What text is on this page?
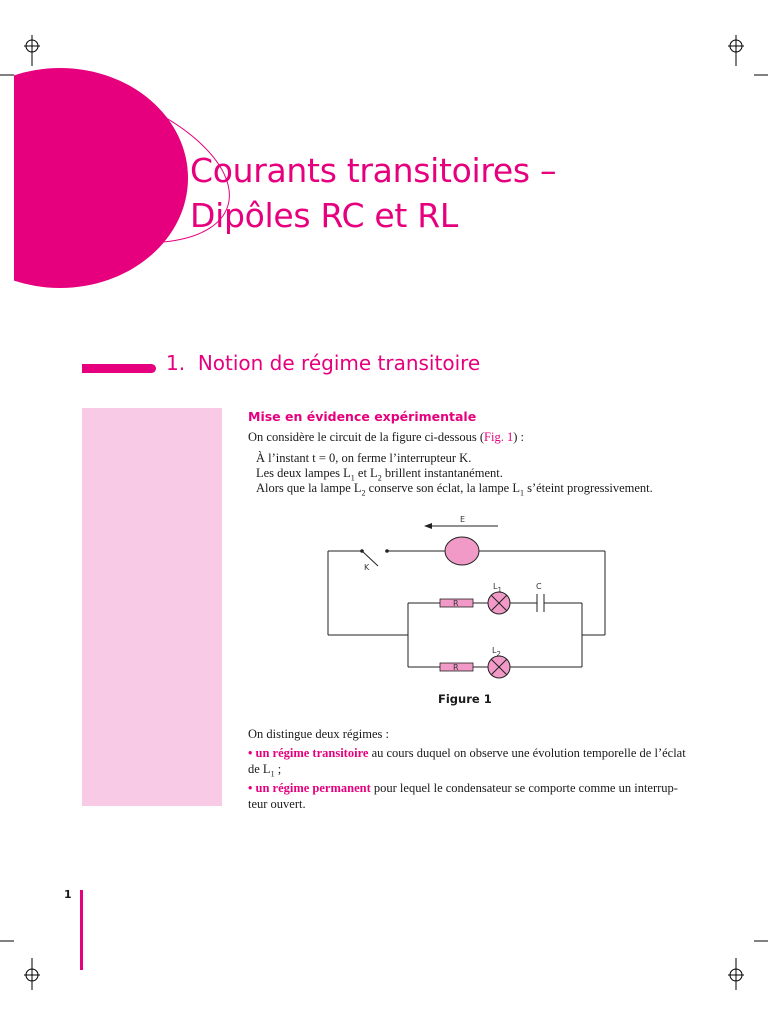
Courants transitoires –
Dipôles RC et RL
1. Notion de régime transitoire
Mise en évidence expérimentale
On considère le circuit de la figure ci-dessous (Fig. 1) :
À l’instant t = 0, on ferme l’interrupteur K.
Les deux lampes $L_1$ et $L_2$ brillent instantanément.
Alors que la lampe $L_2$ conserve son éclat, la lampe $L_1$ s’éteint progressivement.
E
K
L1	C
R
L2
R
Figure 1
On distingue deux régimes :
• un régime transitoire au cours duquel on observe une évolution temporelle de l’éclat
de $L_1$ ;
• un régime permanent pour lequel le condensateur se comporte comme un interrup-
teur ouvert.
1
